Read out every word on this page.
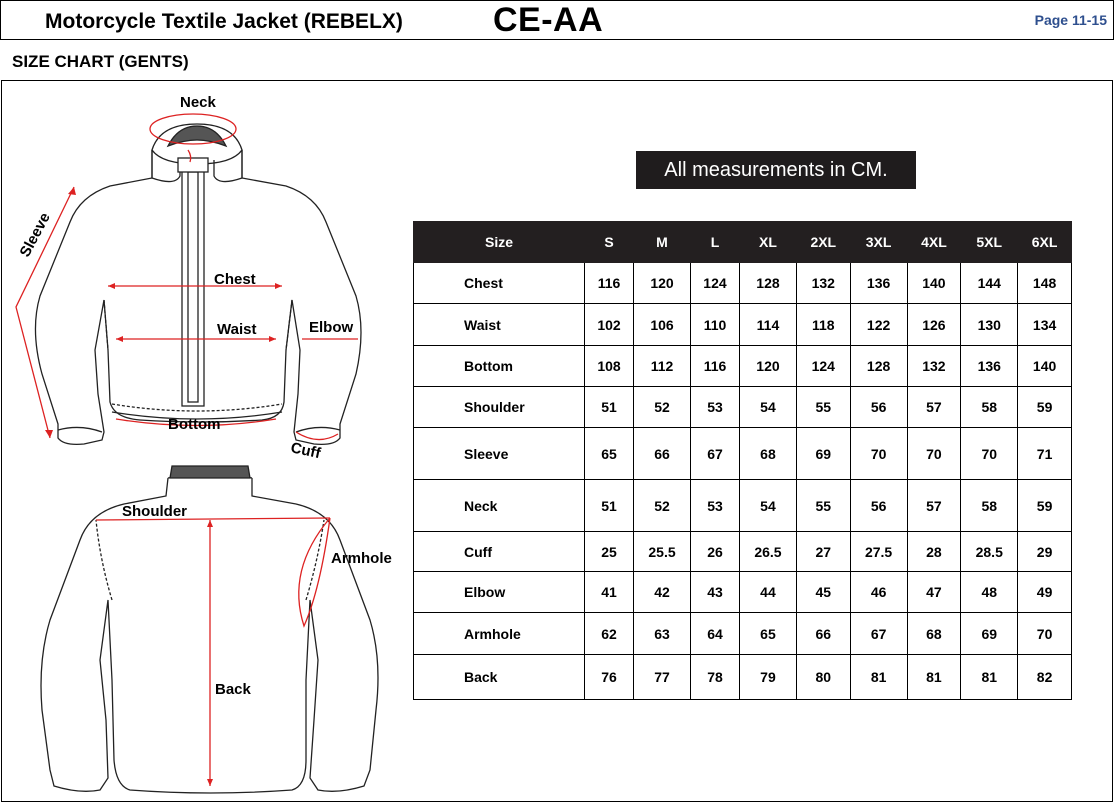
Motorcycle Textile Jacket (REBELX)	CE-AA	Page 11-15
SIZE CHART (GENTS)
Neck
Sleeve
Chest
Waist	Elbow
Bottom
Cuff
Shoulder
Armhole
Back
All measurements in CM.
Size	S	M	L	XL	2XL	3XL	4XL	5XL	6XL
Chest	116	120	124	128	132	136	140	144	148
Waist	102	106	110	114	118	122	126	130	134
Bottom	108	112	116	120	124	128	132	136	140
Shoulder	51	52	53	54	55	56	57	58	59
Sleeve	65	66	67	68	69	70	70	70	71
Neck	51	52	53	54	55	56	57	58	59
Cuff	25	25.5	26	26.5	27	27.5	28	28.5	29
Elbow	41	42	43	44	45	46	47	48	49
Armhole	62	63	64	65	66	67	68	69	70
Back	76	77	78	79	80	81	81	81	82
